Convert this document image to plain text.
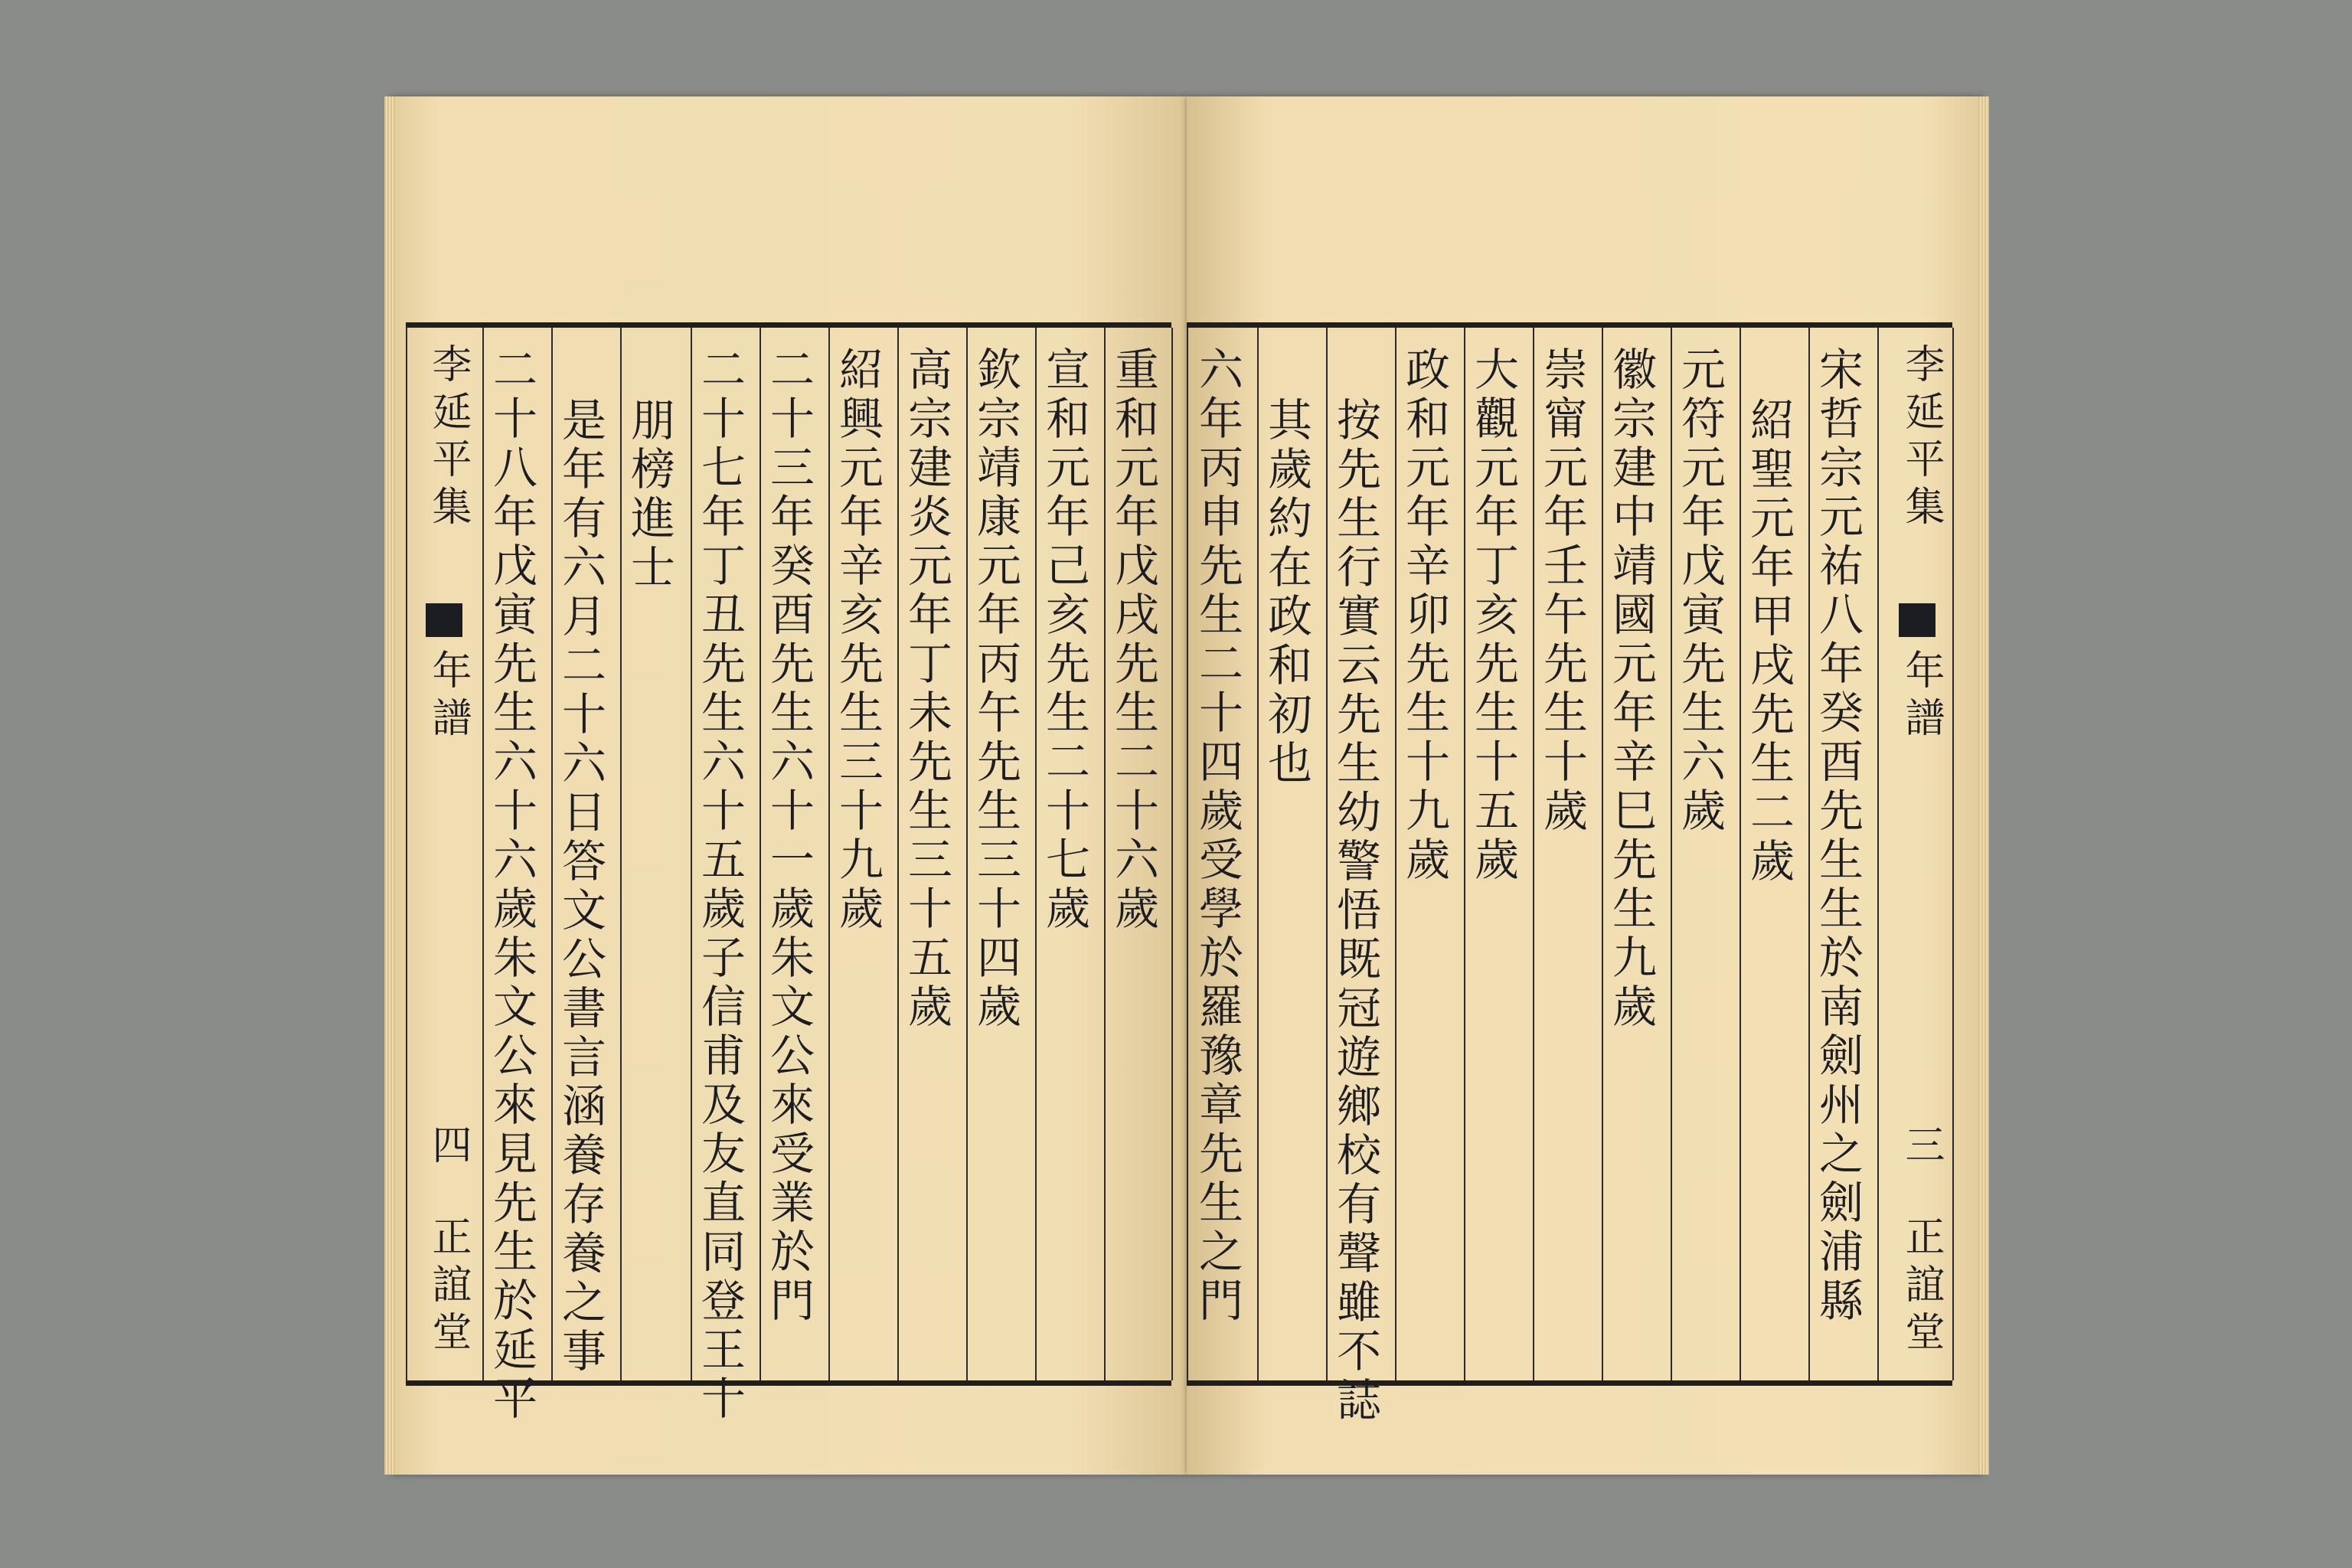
重和元年戊戌先生二十六歲
宣和元年己亥先生二十七歲
欽宗靖康元年丙午先生三十四歲
高宗建炎元年丁未先生三十五歲
紹興元年辛亥先生三十九歲
二十三年癸酉先生六十一歲朱文公來受業於門
二十七年丁丑先生六十五歲子信甫及友直同登王十
朋榜進士
是年有六月二十六日答文公書言涵養存養之事
二十八年戊寅先生六十六歲朱文公來見先生於延平
李延平集
年譜
四
正誼堂
李延平集
年譜
三
正誼堂
宋哲宗元祐八年癸酉先生生於南劍州之劍浦縣
紹聖元年甲戌先生二歲
元符元年戊寅先生六歲
徽宗建中靖國元年辛巳先生九歲
崇甯元年壬午先生十歲
大觀元年丁亥先生十五歲
政和元年辛卯先生十九歲
按先生行實云先生幼警悟既冠遊鄉校有聲雖不誌
其歲約在政和初也
六年丙申先生二十四歲受學於羅豫章先生之門
